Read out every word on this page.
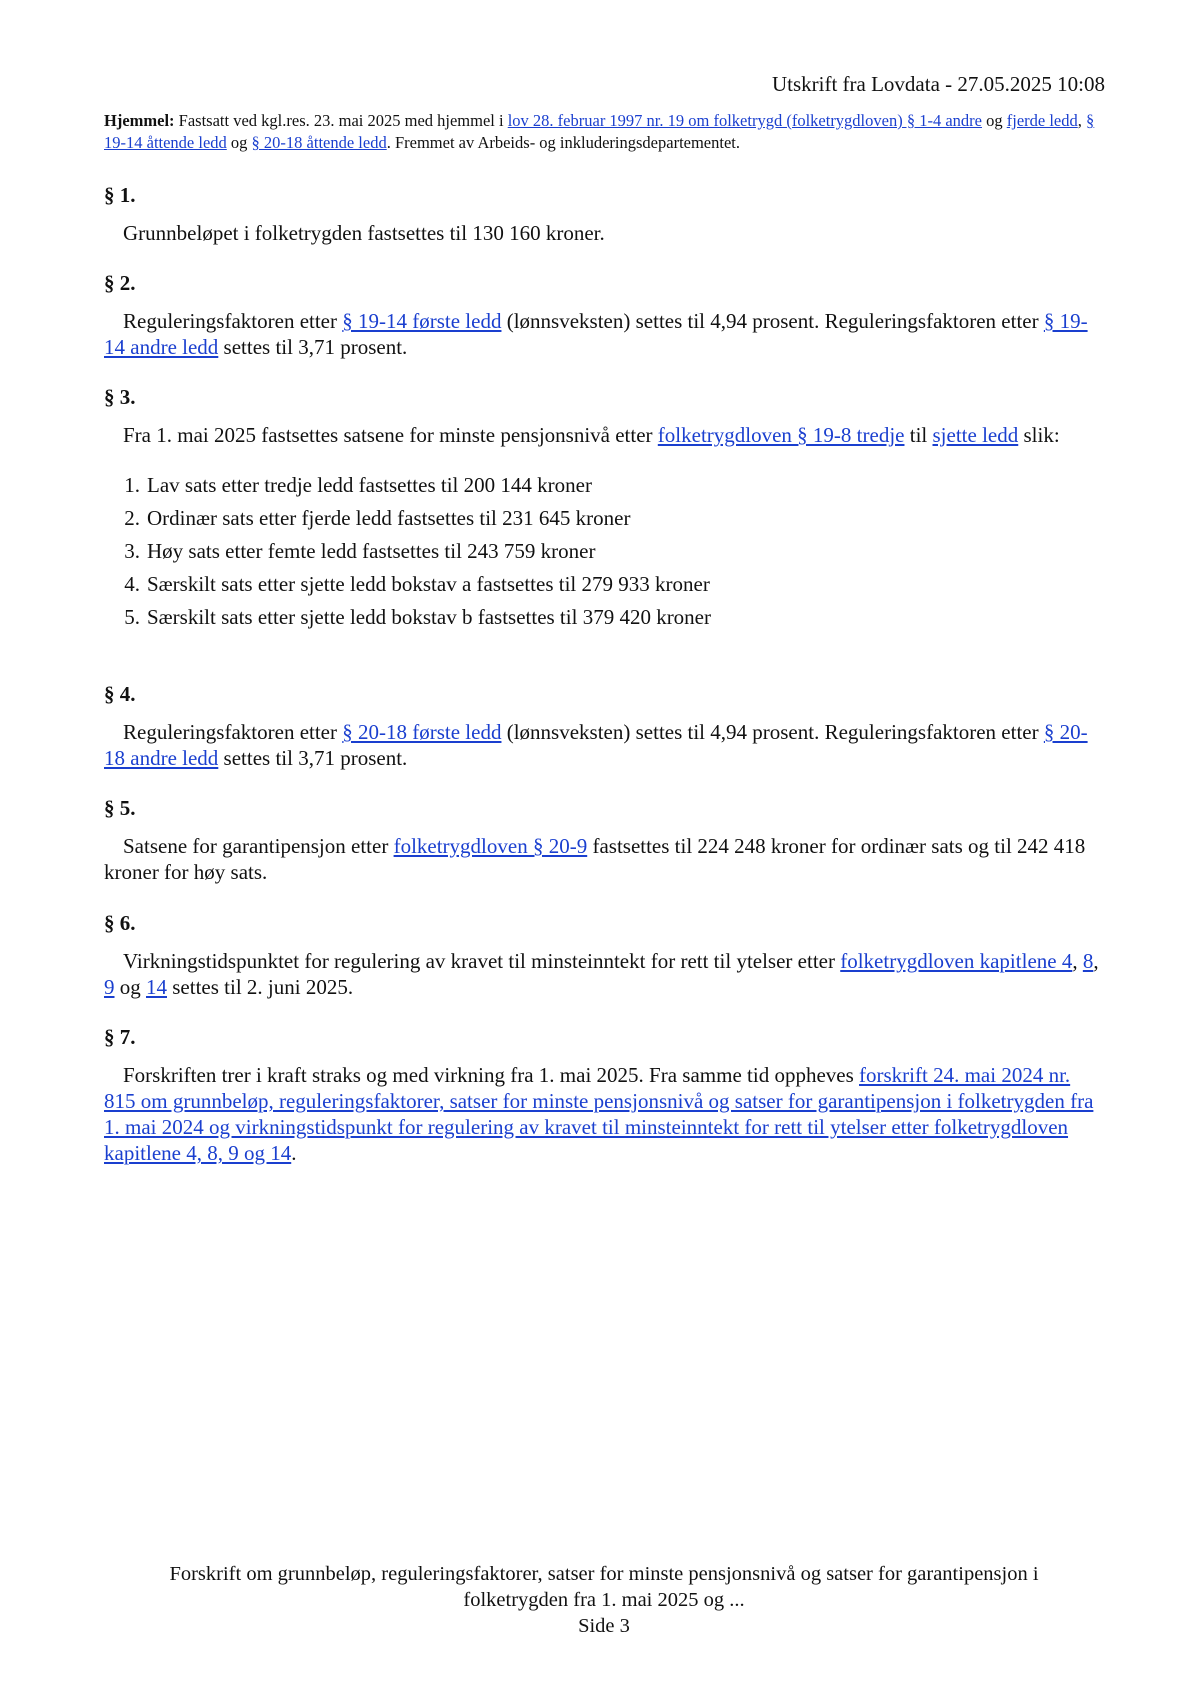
Utskrift fra Lovdata - 27.05.2025 10:08
Hjemmel: Fastsatt ved kgl.res. 23. mai 2025 med hjemmel i lov 28. februar 1997 nr. 19 om folketrygd (folketrygdloven) § 1-4 andre og fjerde ledd, § 19-14 åttende ledd og § 20-18 åttende ledd. Fremmet av Arbeids- og inkluderingsdepartementet.
§ 1.
Grunnbeløpet i folketrygden fastsettes til 130 160 kroner.
§ 2.
Reguleringsfaktoren etter § 19-14 første ledd (lønnsveksten) settes til 4,94 prosent. Reguleringsfaktoren etter § 19-14 andre ledd settes til 3,71 prosent.
§ 3.
Fra 1. mai 2025 fastsettes satsene for minste pensjonsnivå etter folketrygdloven § 19-8 tredje til sjette ledd slik:
1. Lav sats etter tredje ledd fastsettes til 200 144 kroner
2. Ordinær sats etter fjerde ledd fastsettes til 231 645 kroner
3. Høy sats etter femte ledd fastsettes til 243 759 kroner
4. Særskilt sats etter sjette ledd bokstav a fastsettes til 279 933 kroner
5. Særskilt sats etter sjette ledd bokstav b fastsettes til 379 420 kroner
§ 4.
Reguleringsfaktoren etter § 20-18 første ledd (lønnsveksten) settes til 4,94 prosent. Reguleringsfaktoren etter § 20-18 andre ledd settes til 3,71 prosent.
§ 5.
Satsene for garantipensjon etter folketrygdloven § 20-9 fastsettes til 224 248 kroner for ordinær sats og til 242 418 kroner for høy sats.
§ 6.
Virkningstidspunktet for regulering av kravet til minsteinntekt for rett til ytelser etter folketrygdloven kapitlene 4, 8, 9 og 14 settes til 2. juni 2025.
§ 7.
Forskriften trer i kraft straks og med virkning fra 1. mai 2025. Fra samme tid oppheves forskrift 24. mai 2024 nr. 815 om grunnbeløp, reguleringsfaktorer, satser for minste pensjonsnivå og satser for garantipensjon i folketrygden fra 1. mai 2024 og virkningstidspunkt for regulering av kravet til minsteinntekt for rett til ytelser etter folketrygdloven kapitlene 4, 8, 9 og 14.
Forskrift om grunnbeløp, reguleringsfaktorer, satser for minste pensjonsnivå og satser for garantipensjon i
folketrygden fra 1. mai 2025 og ...
Side 3
